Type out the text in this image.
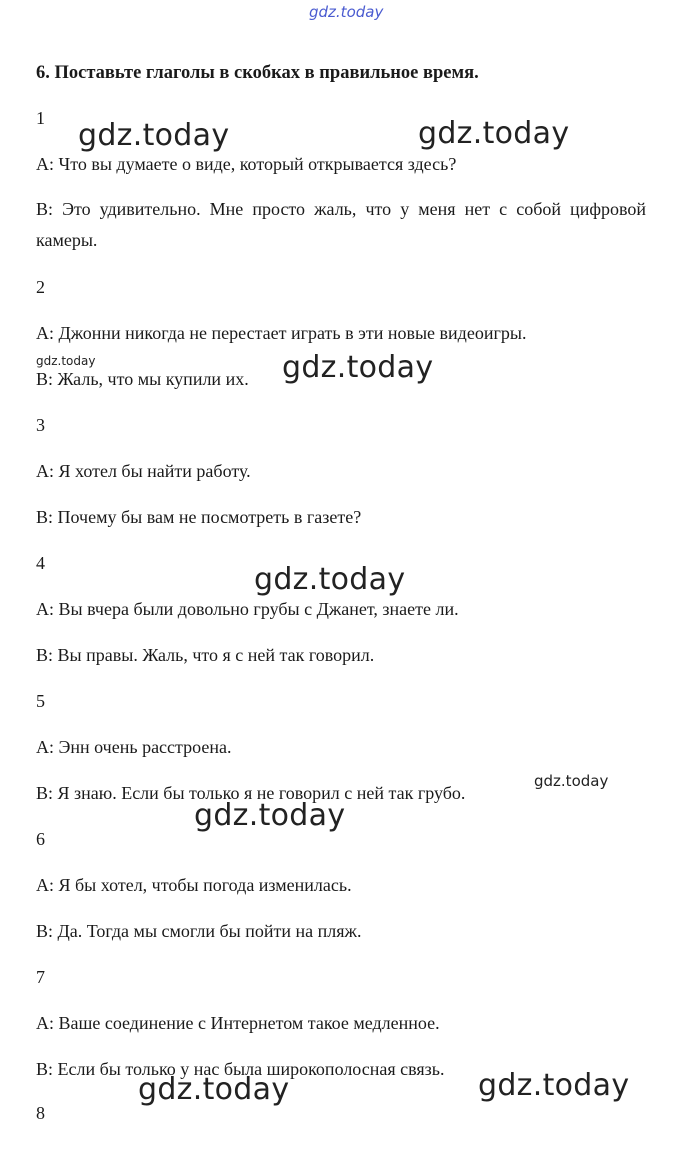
gdz.today
6. Поставьте глаголы в скобках в правильное время.
1
A: Что вы думаете о виде, который открывается здесь?
B: Это удивительно. Мне просто жаль, что у меня нет с собой цифровой камеры.
2
A: Джонни никогда не перестает играть в эти новые видеоигры.
B: Жаль, что мы купили их.
3
A: Я хотел бы найти работу.
B: Почему бы вам не посмотреть в газете?
4
A: Вы вчера были довольно грубы с Джанет, знаете ли.
B: Вы правы. Жаль, что я с ней так говорил.
5
A: Энн очень расстроена.
B: Я знаю. Если бы только я не говорил с ней так грубо.
6
A: Я бы хотел, чтобы погода изменилась.
B: Да. Тогда мы смогли бы пойти на пляж.
7
A: Ваше соединение с Интернетом такое медленное.
B: Если бы только у нас была широкополосная связь.
8
gdz.today	gdz.today
gdz.today	gdz.today
gdz.today
gdz.today
gdz.today
gdz.today	gdz.today
